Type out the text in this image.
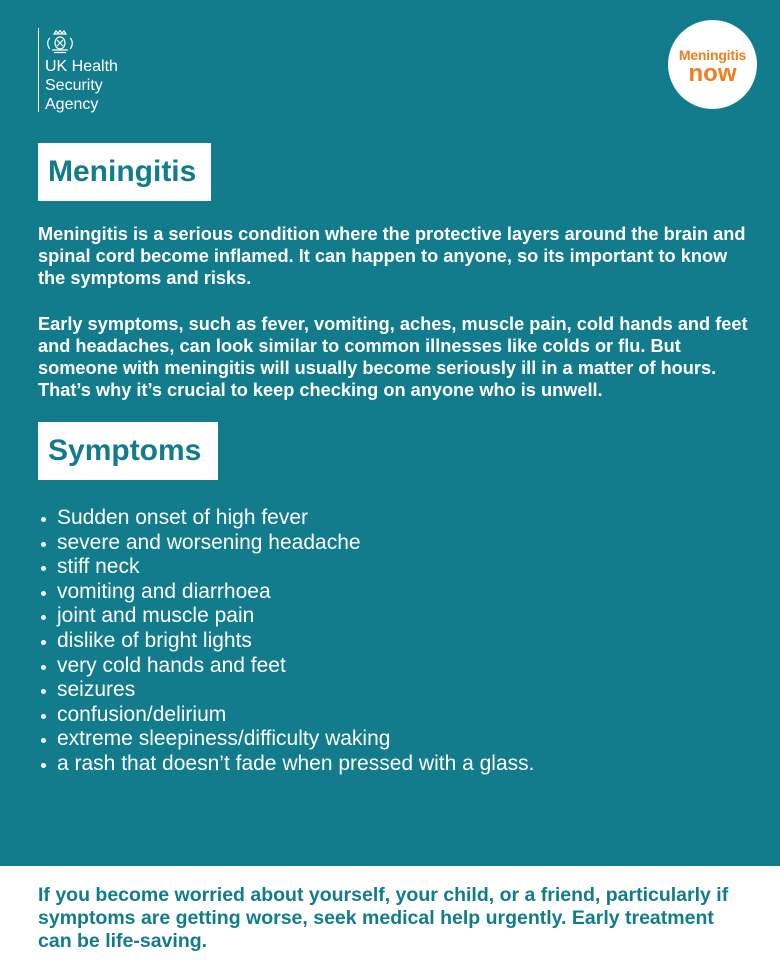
UK Health
Security
Agency
Meningitis
now
Meningitis

Meningitis is a serious condition where the protective layers around the brain and spinal cord become inflamed. It can happen to anyone, so its important to know the symptoms and risks.

Early symptoms, such as fever, vomiting, aches, muscle pain, cold hands and feet and headaches, can look similar to common illnesses like colds or flu. But someone with meningitis will usually become seriously ill in a matter of hours. That’s why it’s crucial to keep checking on anyone who is unwell.

Symptoms
Sudden onset of high fever
severe and worsening headache
stiff neck
vomiting and diarrhoea
joint and muscle pain
dislike of bright lights
very cold hands and feet
seizures
confusion/delirium
extreme sleepiness/difficulty waking
a rash that doesn’t fade when pressed with a glass.

If you become worried about yourself, your child, or a friend, particularly if symptoms are getting worse, seek medical help urgently. Early treatment can be life-saving.
